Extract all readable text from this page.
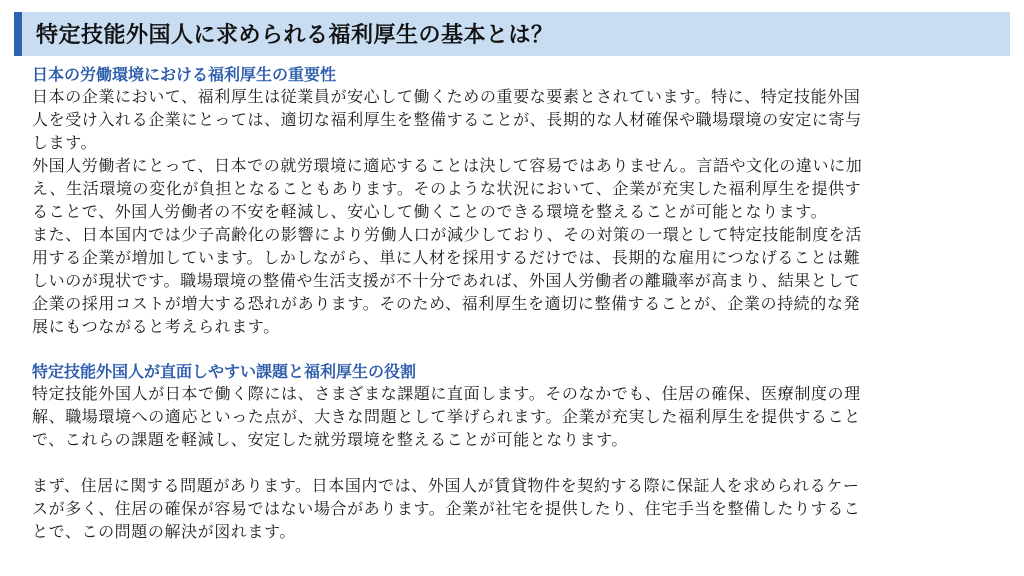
特定技能外国人に求められる福利厚生の基本とは？
日本の労働環境における福利厚生の重要性

日本の企業において、福利厚生は従業員が安心して働くための重要な要素とされています。特に、特定技能外国

人を受け入れる企業にとっては、適切な福利厚生を整備することが、長期的な人材確保や職場環境の安定に寄与

します。

外国人労働者にとって、日本での就労環境に適応することは決して容易ではありません。言語や文化の違いに加

え、生活環境の変化が負担となることもあります。そのような状況において、企業が充実した福利厚生を提供す

ることで、外国人労働者の不安を軽減し、安心して働くことのできる環境を整えることが可能となります。

また、日本国内では少子高齢化の影響により労働人口が減少しており、その対策の一環として特定技能制度を活

用する企業が増加しています。しかしながら、単に人材を採用するだけでは、長期的な雇用につなげることは難

しいのが現状です。職場環境の整備や生活支援が不十分であれば、外国人労働者の離職率が高まり、結果として

企業の採用コストが増大する恐れがあります。そのため、福利厚生を適切に整備することが、企業の持続的な発

展にもつながると考えられます。

特定技能外国人が直面しやすい課題と福利厚生の役割

特定技能外国人が日本で働く際には、さまざまな課題に直面します。そのなかでも、住居の確保、医療制度の理

解、職場環境への適応といった点が、大きな問題として挙げられます。企業が充実した福利厚生を提供すること

で、これらの課題を軽減し、安定した就労環境を整えることが可能となります。

まず、住居に関する問題があります。日本国内では、外国人が賃貸物件を契約する際に保証人を求められるケー

スが多く、住居の確保が容易ではない場合があります。企業が社宅を提供したり、住宅手当を整備したりするこ

とで、この問題の解決が図れます。
